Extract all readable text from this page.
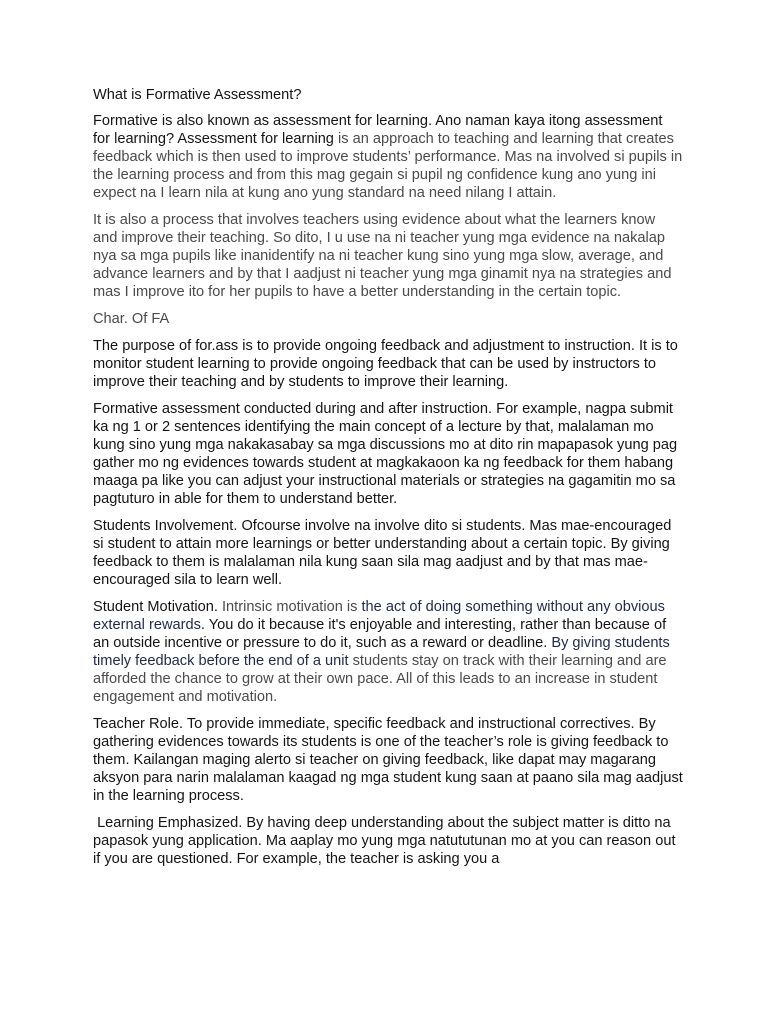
What is Formative Assessment?

Formative is also known as assessment for learning. Ano naman kaya itong assessment for learning? Assessment for learning is an approach to teaching and learning that creates feedback which is then used to improve students’ performance. Mas na involved si pupils in the learning process and from this mag gegain si pupil ng confidence kung ano yung ini expect na I learn nila at kung ano yung standard na need nilang I attain.

It is also a process that involves teachers using evidence about what the learners know and improve their teaching. So dito, I u use na ni teacher yung mga evidence na nakalap nya sa mga pupils like inanidentify na ni teacher kung sino yung mga slow, average, and advance learners and by that I aadjust ni teacher yung mga ginamit nya na strategies and mas I improve ito for her pupils to have a better understanding in the certain topic.

Char. Of FA

The purpose of for.ass is to provide ongoing feedback and adjustment to instruction. It is to monitor student learning to provide ongoing feedback that can be used by instructors to improve their teaching and by students to improve their learning.

Formative assessment conducted during and after instruction. For example, nagpa submit ka ng 1 or 2 sentences identifying the main concept of a lecture by that, malalaman mo kung sino yung mga nakakasabay sa mga discussions mo at dito rin mapapasok yung pag gather mo ng evidences towards student at magkakaoon ka ng feedback for them habang maaga pa like you can adjust your instructional materials or strategies na gagamitin mo sa pagtuturo in able for them to understand better.

Students Involvement. Ofcourse involve na involve dito si students. Mas mae-encouraged si student to attain more learnings or better understanding about a certain topic. By giving feedback to them is malalaman nila kung saan sila mag aadjust and by that mas mae-encouraged sila to learn well.

Student Motivation. Intrinsic motivation is the act of doing something without any obvious external rewards. You do it because it's enjoyable and interesting, rather than because of an outside incentive or pressure to do it, such as a reward or deadline. By giving students timely feedback before the end of a unit students stay on track with their learning and are afforded the chance to grow at their own pace. All of this leads to an increase in student engagement and motivation.

Teacher Role. To provide immediate, specific feedback and instructional correctives. By gathering evidences towards its students is one of the teacher’s role is giving feedback to them. Kailangan maging alerto si teacher on giving feedback, like dapat may magarang aksyon para narin malalaman kaagad ng mga student kung saan at paano sila mag aadjust in the learning process.

Learning Emphasized. By having deep understanding about the subject matter is ditto na papasok yung application. Ma aaplay mo yung mga natututunan mo at you can reason out if you are questioned. For example, the teacher is asking you a
